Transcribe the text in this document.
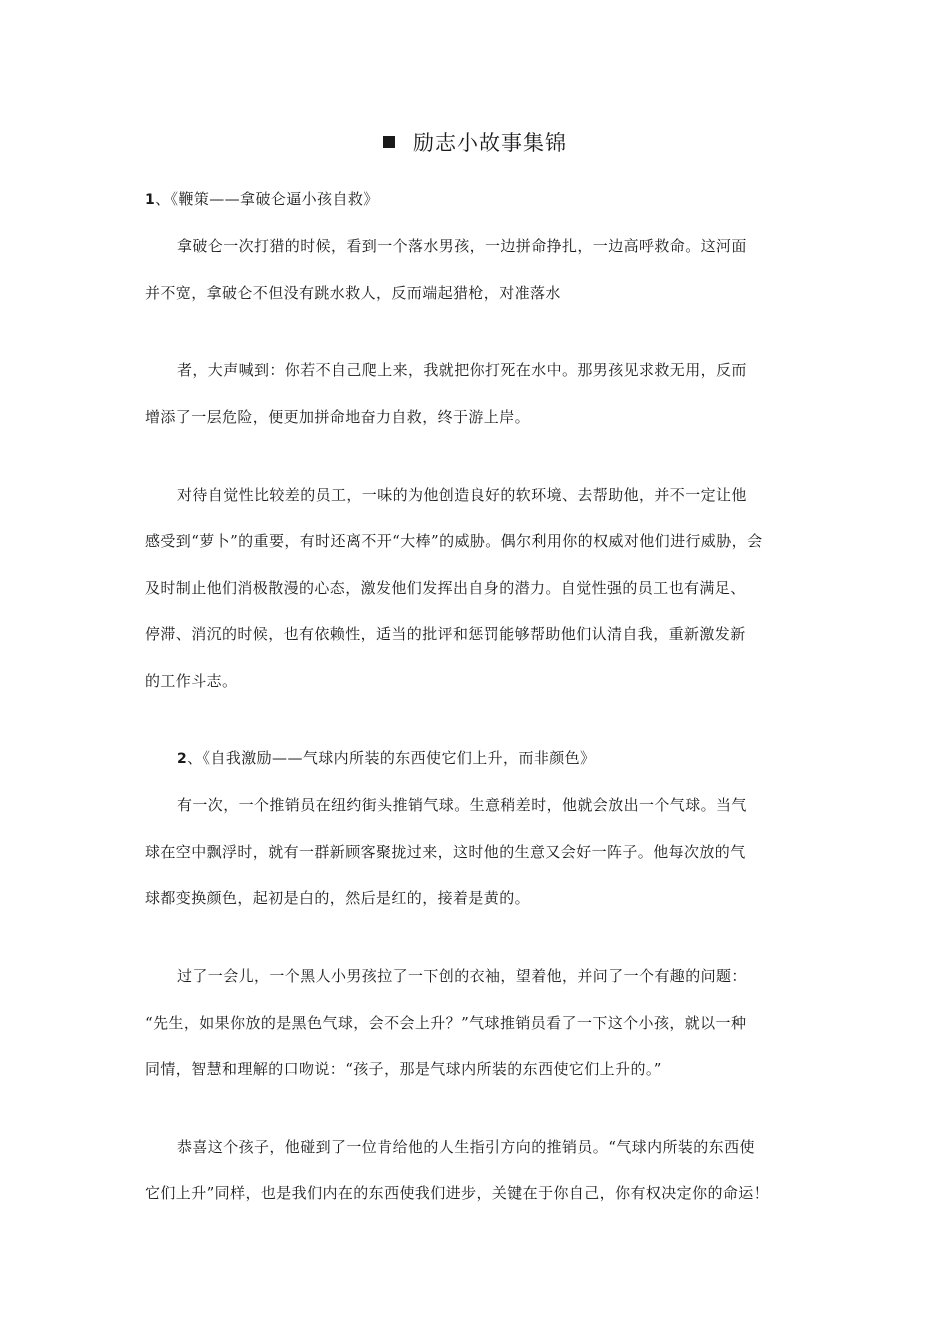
励志小故事集锦
1、《鞭策——拿破仑逼小孩自救》
拿破仑一次打猎的时候，看到一个落水男孩，一边拼命挣扎，一边高呼救命。这河面
并不宽，拿破仑不但没有跳水救人，反而端起猎枪，对准落水
者，大声喊到：你若不自己爬上来，我就把你打死在水中。那男孩见求救无用，反而
增添了一层危险，便更加拼命地奋力自救，终于游上岸。
对待自觉性比较差的员工，一味的为他创造良好的软环境、去帮助他，并不一定让他
感受到“萝卜”的重要，有时还离不开“大棒”的威胁。偶尔利用你的权威对他们进行威胁，会
及时制止他们消极散漫的心态，激发他们发挥出自身的潜力。自觉性强的员工也有满足、
停滞、消沉的时候，也有依赖性，适当的批评和惩罚能够帮助他们认清自我，重新激发新
的工作斗志。
2、《自我激励——气球内所装的东西使它们上升，而非颜色》
有一次，一个推销员在纽约街头推销气球。生意稍差时，他就会放出一个气球。当气
球在空中飘浮时，就有一群新顾客聚拢过来，这时他的生意又会好一阵子。他每次放的气
球都变换颜色，起初是白的，然后是红的，接着是黄的。
过了一会儿，一个黑人小男孩拉了一下创的衣袖，望着他，并问了一个有趣的问题：
“先生，如果你放的是黑色气球，会不会上升？”气球推销员看了一下这个小孩，就以一种
同情，智慧和理解的口吻说：“孩子，那是气球内所装的东西使它们上升的。”
恭喜这个孩子，他碰到了一位肯给他的人生指引方向的推销员。“气球内所装的东西使
它们上升”同样，也是我们内在的东西使我们进步，关键在于你自己，你有权决定你的命运！
